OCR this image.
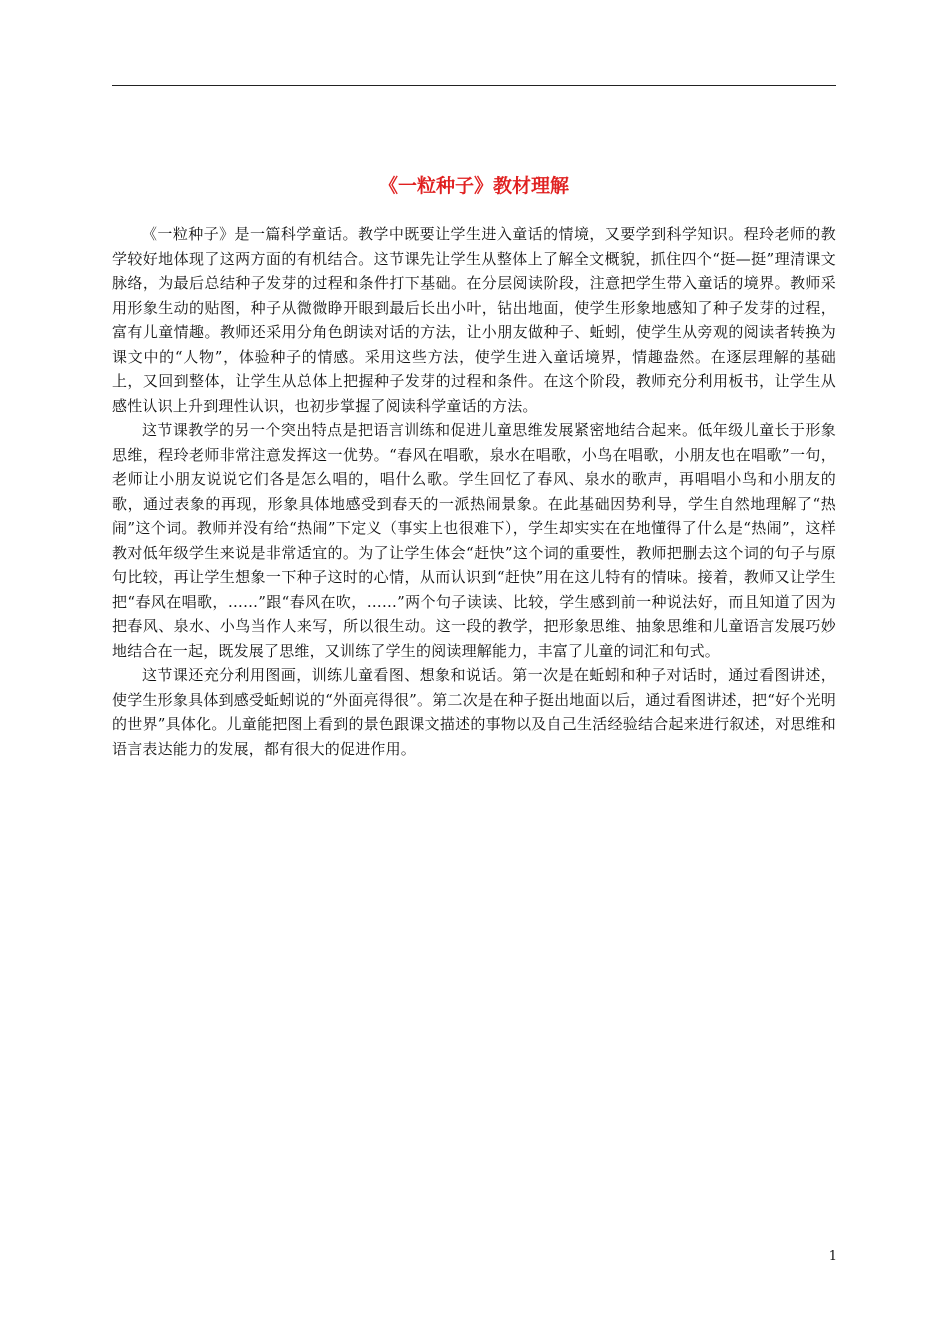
《一粒种子》教材理解

《一粒种子》是一篇科学童话。教学中既要让学生进入童话的情境，又要学到科学知识。程玲老师的教学较好地体现了这两方面的有机结合。这节课先让学生从整体上了解全文概貌，抓住四个“挺—挺”理清课文脉络，为最后总结种子发芽的过程和条件打下基础。在分层阅读阶段，注意把学生带入童话的境界。教师采用形象生动的贴图，种子从微微睁开眼到最后长出小叶，钻出地面，使学生形象地感知了种子发芽的过程，富有儿童情趣。教师还采用分角色朗读对话的方法，让小朋友做种子、蚯蚓，使学生从旁观的阅读者转换为课文中的“人物”，体验种子的情感。采用这些方法，使学生进入童话境界，情趣盎然。在逐层理解的基础上，又回到整体，让学生从总体上把握种子发芽的过程和条件。在这个阶段，教师充分利用板书，让学生从感性认识上升到理性认识，也初步掌握了阅读科学童话的方法。

这节课教学的另一个突出特点是把语言训练和促进儿童思维发展紧密地结合起来。低年级儿童长于形象思维，程玲老师非常注意发挥这一优势。“春风在唱歌，泉水在唱歌，小鸟在唱歌，小朋友也在唱歌”一句，老师让小朋友说说它们各是怎么唱的，唱什么歌。学生回忆了春风、泉水的歌声，再唱唱小鸟和小朋友的歌，通过表象的再现，形象具体地感受到春天的一派热闹景象。在此基础因势利导，学生自然地理解了“热闹”这个词。教师并没有给“热闹”下定义（事实上也很难下），学生却实实在在地懂得了什么是“热闹”，这样教对低年级学生来说是非常适宜的。为了让学生体会“赶快”这个词的重要性，教师把删去这个词的句子与原句比较，再让学生想象一下种子这时的心情，从而认识到“赶快”用在这儿特有的情味。接着，教师又让学生把“春风在唱歌，……”跟“春风在吹，……”两个句子读读、比较，学生感到前一种说法好，而且知道了因为把春风、泉水、小鸟当作人来写，所以很生动。这一段的教学，把形象思维、抽象思维和儿童语言发展巧妙地结合在一起，既发展了思维，又训练了学生的阅读理解能力，丰富了儿童的词汇和句式。

这节课还充分利用图画，训练儿童看图、想象和说话。第一次是在蚯蚓和种子对话时，通过看图讲述，使学生形象具体到感受蚯蚓说的“外面亮得很”。第二次是在种子挺出地面以后，通过看图讲述，把“好个光明的世界”具体化。儿童能把图上看到的景色跟课文描述的事物以及自己生活经验结合起来进行叙述，对思维和语言表达能力的发展，都有很大的促进作用。

1
